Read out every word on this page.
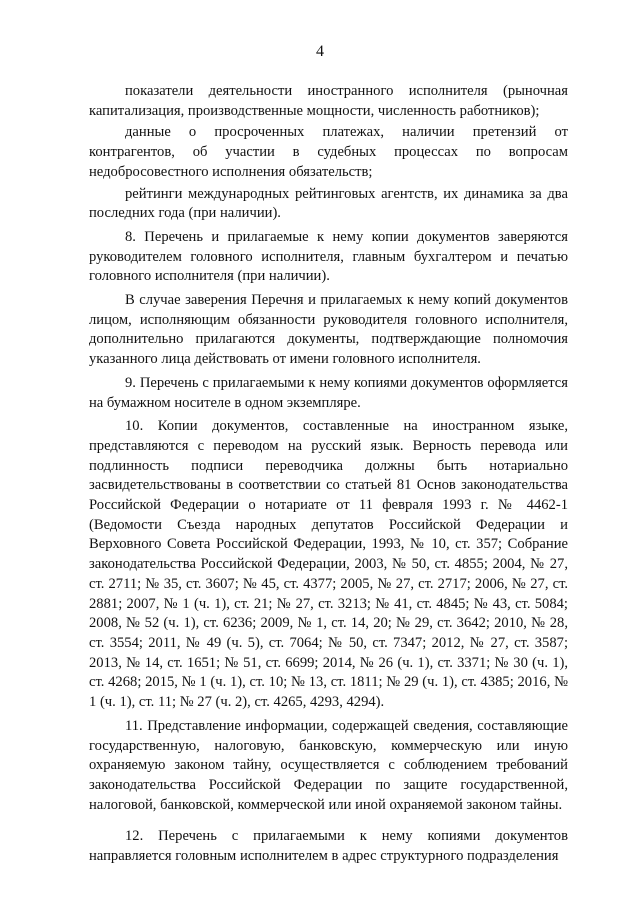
4

показатели деятельности иностранного исполнителя (рыночная капитализация, производственные мощности, численность работников);

данные о просроченных платежах, наличии претензий от контрагентов, об участии в судебных процессах по вопросам недобросовестного исполнения обязательств;

рейтинги международных рейтинговых агентств, их динамика за два последних года (при наличии).

8. Перечень и прилагаемые к нему копии документов заверяются руководителем головного исполнителя, главным бухгалтером и печатью головного исполнителя (при наличии).

В случае заверения Перечня и прилагаемых к нему копий документов лицом, исполняющим обязанности руководителя головного исполнителя, дополнительно прилагаются документы, подтверждающие полномочия указанного лица действовать от имени головного исполнителя.

9. Перечень с прилагаемыми к нему копиями документов оформляется на бумажном носителе в одном экземпляре.

10. Копии документов, составленные на иностранном языке, представляются с переводом на русский язык. Верность перевода или подлинность подписи переводчика должны быть нотариально засвидетельствованы в соответствии со статьей 81 Основ законодательства Российской Федерации о нотариате от 11 февраля 1993 г. № 4462-1 (Ведомости Съезда народных депутатов Российской Федерации и Верховного Совета Российской Федерации, 1993, № 10, ст. 357; Собрание законодательства Российской Федерации, 2003, № 50, ст. 4855; 2004, № 27, ст. 2711; № 35, ст. 3607; № 45, ст. 4377; 2005, № 27, ст. 2717; 2006, № 27, ст. 2881; 2007, № 1 (ч. 1), ст. 21; № 27, ст. 3213; № 41, ст. 4845; № 43, ст. 5084; 2008, № 52 (ч. 1), ст. 6236; 2009, № 1, ст. 14, 20; № 29, ст. 3642; 2010, № 28, ст. 3554; 2011, № 49 (ч. 5), ст. 7064; № 50, ст. 7347; 2012, № 27, ст. 3587; 2013, № 14, ст. 1651; № 51, ст. 6699; 2014, № 26 (ч. 1), ст. 3371; № 30 (ч. 1), ст. 4268; 2015, № 1 (ч. 1), ст. 10; № 13, ст. 1811; № 29 (ч. 1), ст. 4385; 2016, № 1 (ч. 1), ст. 11; № 27 (ч. 2), ст. 4265, 4293, 4294).

11. Представление информации, содержащей сведения, составляющие государственную, налоговую, банковскую, коммерческую или иную охраняемую законом тайну, осуществляется с соблюдением требований законодательства Российской Федерации по защите государственной, налоговой, банковской, коммерческой или иной охраняемой законом тайны.

12. Перечень с прилагаемыми к нему копиями документов направляется головным исполнителем в адрес структурного подразделения
